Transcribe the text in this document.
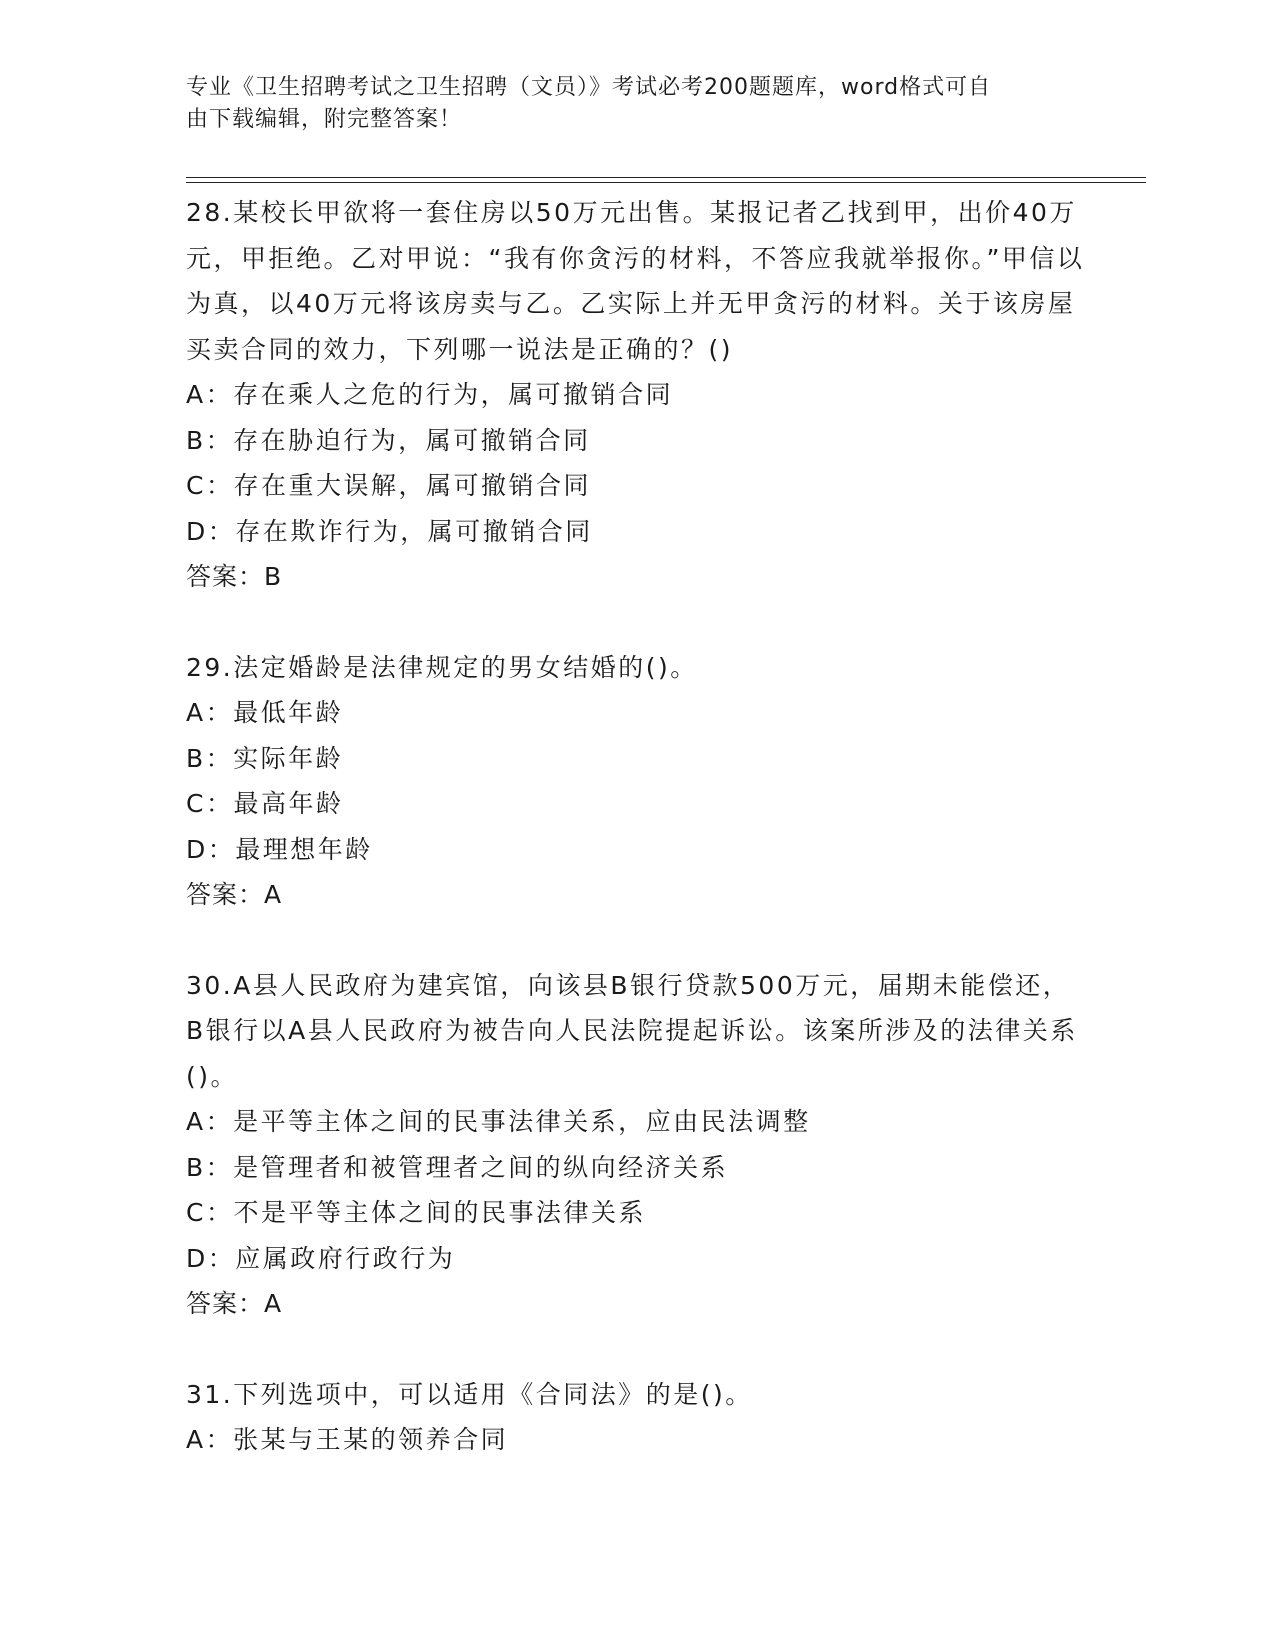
专业《卫生招聘考试之卫生招聘（文员）》考试必考200题题库，word格式可自
由下载编辑，附完整答案！

28.某校长甲欲将一套住房以50万元出售。某报记者乙找到甲，出价40万元，甲拒绝。乙对甲说：“我有你贪污的材料，不答应我就举报你。”甲信以为真，以40万元将该房卖与乙。乙实际上并无甲贪污的材料。关于该房屋买卖合同的效力，下列哪一说法是正确的？()

A：存在乘人之危的行为，属可撤销合同

B：存在胁迫行为，属可撤销合同

C：存在重大误解，属可撤销合同

D：存在欺诈行为，属可撤销合同

答案：B

29.法定婚龄是法律规定的男女结婚的()。

A：最低年龄

B：实际年龄

C：最高年龄

D：最理想年龄

答案：A

30.A县人民政府为建宾馆，向该县B银行贷款500万元，届期未能偿还，B银行以A县人民政府为被告向人民法院提起诉讼。该案所涉及的法律关系()。

A：是平等主体之间的民事法律关系，应由民法调整

B：是管理者和被管理者之间的纵向经济关系

C：不是平等主体之间的民事法律关系

D：应属政府行政行为

答案：A

31.下列选项中，可以适用《合同法》的是()。

A：张某与王某的领养合同
